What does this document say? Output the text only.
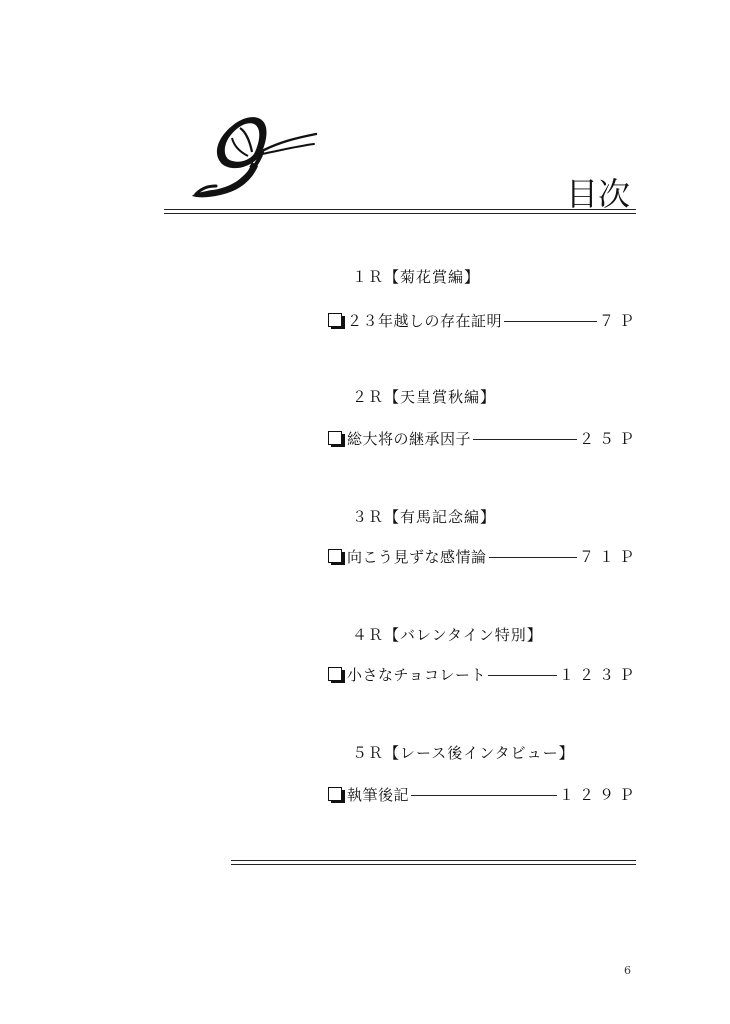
目次
１Ｒ【菊花賞編】
２３年越しの存在証明	７Ｐ
２Ｒ【天皇賞秋編】
総大将の継承因子	２５Ｐ
３Ｒ【有馬記念編】
向こう見ずな感情論	７１Ｐ
４Ｒ【バレンタイン特別】
小さなチョコレート	１２３Ｐ
５Ｒ【レース後インタビュー】
執筆後記	１２９Ｐ
6
